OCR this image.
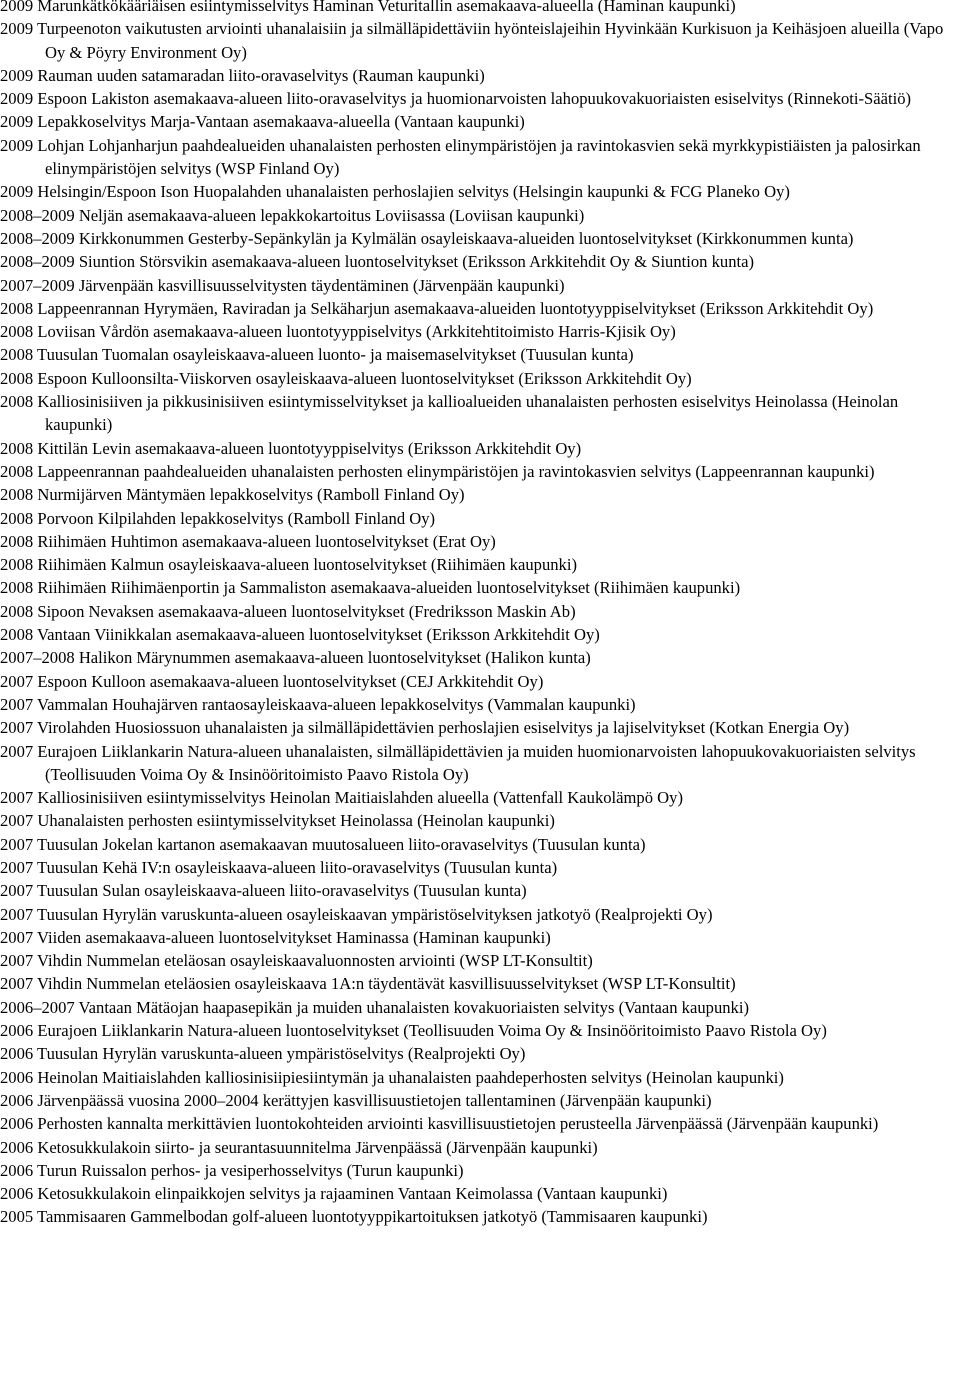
2009 Marunkätkökääriäisen esiintymisselvitys Haminan Veturitallin asemakaava-alueella (Haminan kaupunki)

2009 Turpeenoton vaikutusten arviointi uhanalaisiin ja silmälläpidettäviin hyönteislajeihin Hyvinkään Kurkisuon ja Keihäsjoen alueilla (Vapo Oy & Pöyry Environment Oy)

2009 Rauman uuden satamaradan liito-oravaselvitys (Rauman kaupunki)

2009 Espoon Lakiston asemakaava-alueen liito-oravaselvitys ja huomionarvoisten lahopuukovakuoriaisten esiselvitys (Rinnekoti-Säätiö)

2009 Lepakkoselvitys Marja-Vantaan asemakaava-alueella (Vantaan kaupunki)

2009 Lohjan Lohjanharjun paahdealueiden uhanalaisten perhosten elinympäristöjen ja ravintokasvien sekä myrkkypistiäisten ja palosirkan elinympäristöjen selvitys (WSP Finland Oy)

2009 Helsingin/Espoon Ison Huopalahden uhanalaisten perhoslajien selvitys (Helsingin kaupunki & FCG Planeko Oy)

2008–2009 Neljän asemakaava-alueen lepakkokartoitus Loviisassa (Loviisan kaupunki)

2008–2009 Kirkkonummen Gesterby-Sepänkylän ja Kylmälän osayleiskaava-alueiden luontoselvitykset (Kirkkonummen kunta)

2008–2009 Siuntion Störsvikin asemakaava-alueen luontoselvitykset (Eriksson Arkkitehdit Oy & Siuntion kunta)

2007–2009 Järvenpään kasvillisuusselvitysten täydentäminen (Järvenpään kaupunki)

2008 Lappeenrannan Hyrymäen, Raviradan ja Selkäharjun asemakaava-alueiden luontotyyppiselvitykset (Eriksson Arkkitehdit Oy)

2008 Loviisan Vårdön asemakaava-alueen luontotyyppiselvitys (Arkkitehtitoimisto Harris-Kjisik Oy)

2008 Tuusulan Tuomalan osayleiskaava-alueen luonto- ja maisemaselvitykset (Tuusulan kunta)

2008 Espoon Kulloonsilta-Viiskorven osayleiskaava-alueen luontoselvitykset (Eriksson Arkkitehdit Oy)

2008 Kalliosinisiiven ja pikkusinisiiven esiintymisselvitykset ja kallioalueiden uhanalaisten perhosten esiselvitys Heinolassa (Heinolan kaupunki)

2008 Kittilän Levin asemakaava-alueen luontotyyppiselvitys (Eriksson Arkkitehdit Oy)

2008 Lappeenrannan paahdealueiden uhanalaisten perhosten elinympäristöjen ja ravintokasvien selvitys (Lappeenrannan kaupunki)

2008 Nurmijärven Mäntymäen lepakkoselvitys (Ramboll Finland Oy)

2008 Porvoon Kilpilahden lepakkoselvitys (Ramboll Finland Oy)

2008 Riihimäen Huhtimon asemakaava-alueen luontoselvitykset (Erat Oy)

2008 Riihimäen Kalmun osayleiskaava-alueen luontoselvitykset (Riihimäen kaupunki)

2008 Riihimäen Riihimäenportin ja Sammaliston asemakaava-alueiden luontoselvitykset (Riihimäen kaupunki)

2008 Sipoon Nevaksen asemakaava-alueen luontoselvitykset (Fredriksson Maskin Ab)

2008 Vantaan Viinikkalan asemakaava-alueen luontoselvitykset (Eriksson Arkkitehdit Oy)

2007–2008 Halikon Märynummen asemakaava-alueen luontoselvitykset (Halikon kunta)

2007 Espoon Kulloon asemakaava-alueen luontoselvitykset (CEJ Arkkitehdit Oy)

2007 Vammalan Houhajärven rantaosayleiskaava-alueen lepakkoselvitys (Vammalan kaupunki)

2007 Virolahden Huosiossuon uhanalaisten ja silmälläpidettävien perhoslajien esiselvitys ja lajiselvitykset (Kotkan Energia Oy)

2007 Eurajoen Liiklankarin Natura-alueen uhanalaisten, silmälläpidettävien ja muiden huomionarvoisten lahopuukovakuoriaisten selvitys (Teollisuuden Voima Oy & Insinööritoimisto Paavo Ristola Oy)

2007 Kalliosinisiiven esiintymisselvitys Heinolan Maitiaislahden alueella (Vattenfall Kaukolämpö Oy)

2007 Uhanalaisten perhosten esiintymisselvitykset Heinolassa (Heinolan kaupunki)

2007 Tuusulan Jokelan kartanon asemakaavan muutosalueen liito-oravaselvitys (Tuusulan kunta)

2007 Tuusulan Kehä IV:n osayleiskaava-alueen liito-oravaselvitys (Tuusulan kunta)

2007 Tuusulan Sulan osayleiskaava-alueen liito-oravaselvitys (Tuusulan kunta)

2007 Tuusulan Hyrylän varuskunta-alueen osayleiskaavan ympäristöselvityksen jatkotyö (Realprojekti Oy)

2007 Viiden asemakaava-alueen luontoselvitykset Haminassa (Haminan kaupunki)

2007 Vihdin Nummelan eteläosan osayleiskaavaluonnosten arviointi (WSP LT-Konsultit)

2007 Vihdin Nummelan eteläosien osayleiskaava 1A:n täydentävät kasvillisuusselvitykset (WSP LT-Konsultit)

2006–2007 Vantaan Mätäojan haapasepikän ja muiden uhanalaisten kovakuoriaisten selvitys (Vantaan kaupunki)

2006 Eurajoen Liiklankarin Natura-alueen luontoselvitykset (Teollisuuden Voima Oy & Insinööritoimisto Paavo Ristola Oy)

2006 Tuusulan Hyrylän varuskunta-alueen ympäristöselvitys (Realprojekti Oy)

2006 Heinolan Maitiaislahden kalliosinisiipiesiintymän ja uhanalaisten paahdeperhosten selvitys (Heinolan kaupunki)

2006 Järvenpäässä vuosina 2000–2004 kerättyjen kasvillisuustietojen tallentaminen (Järvenpään kaupunki)

2006 Perhosten kannalta merkittävien luontokohteiden arviointi kasvillisuustietojen perusteella Järvenpäässä (Järvenpään kaupunki)

2006 Ketosukkulakoin siirto- ja seurantasuunnitelma Järvenpäässä (Järvenpään kaupunki)

2006 Turun Ruissalon perhos- ja vesiperhosselvitys (Turun kaupunki)

2006 Ketosukkulakoin elinpaikkojen selvitys ja rajaaminen Vantaan Keimolassa (Vantaan kaupunki)

2005 Tammisaaren Gammelbodan golf-alueen luontotyyppikartoituksen jatkotyö (Tammisaaren kaupunki)
